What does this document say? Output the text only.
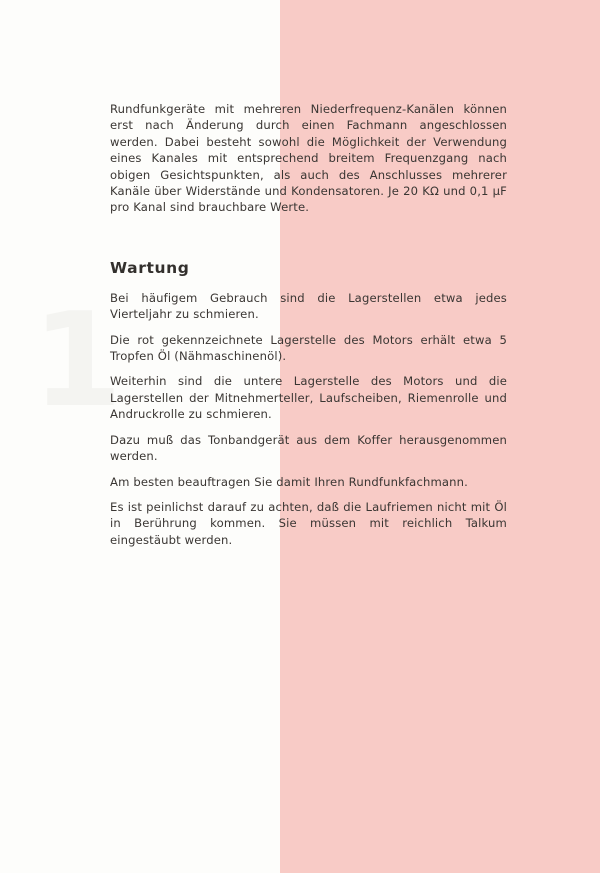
1

Rundfunkgeräte mit mehreren Niederfrequenz-Kanälen können erst nach Änderung durch einen Fachmann angeschlossen werden. Dabei besteht sowohl die Möglichkeit der Verwendung eines Kanales mit entsprechend breitem Frequenzgang nach obigen Gesichtspunkten, als auch des Anschlusses mehrerer Kanäle über Widerstände und Kondensatoren. Je 20 KΩ und 0,1 μF pro Kanal sind brauchbare Werte.

Wartung

Bei häufigem Gebrauch sind die Lagerstellen etwa jedes Vierteljahr zu schmieren.

Die rot gekennzeichnete Lagerstelle des Motors erhält etwa 5 Tropfen Öl (Nähmaschinenöl).

Weiterhin sind die untere Lagerstelle des Motors und die Lagerstellen der Mitnehmerteller, Laufscheiben, Riemenrolle und Andruckrolle zu schmieren.

Dazu muß das Tonbandgerät aus dem Koffer herausgenommen werden.

Am besten beauftragen Sie damit Ihren Rundfunkfachmann.

Es ist peinlichst darauf zu achten, daß die Laufriemen nicht mit Öl in Berührung kommen. Sie müssen mit reichlich Talkum eingestäubt werden.
